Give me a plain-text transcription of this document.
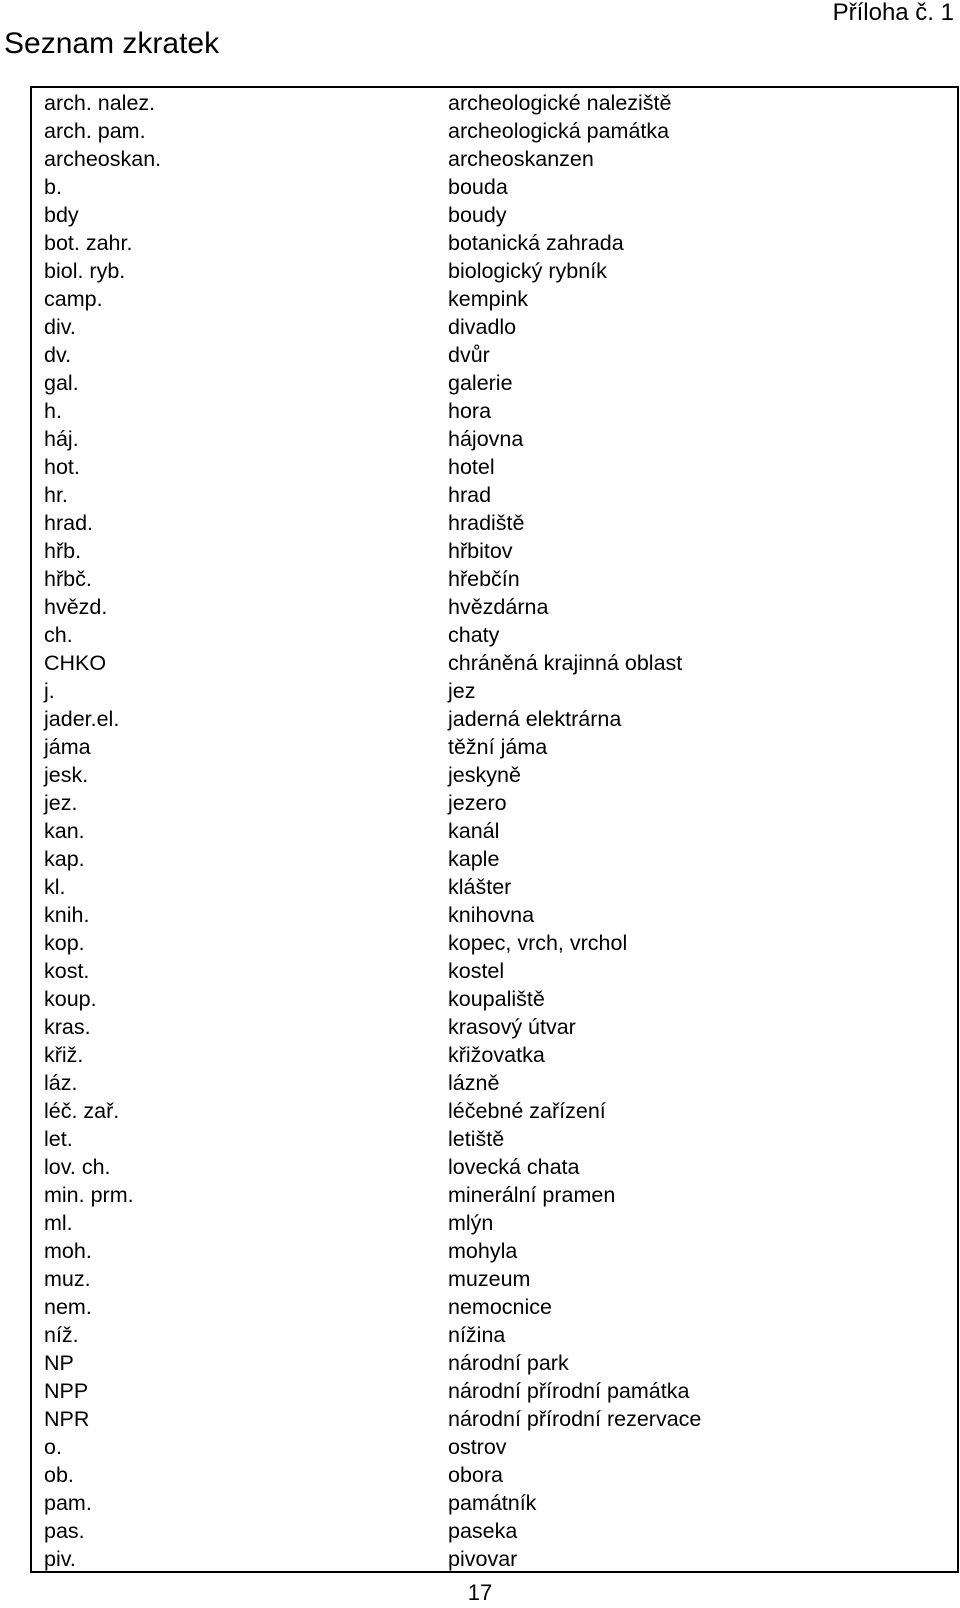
Příloha č. 1
Seznam zkratek
arch. nalez.	archeologické naleziště
arch. pam.	archeologická památka
archeoskan.	archeoskanzen
b.	bouda
bdy	boudy
bot. zahr.	botanická zahrada
biol. ryb.	biologický rybník
camp.	kempink
div.	divadlo
dv.	dvůr
gal.	galerie
h.	hora
háj.	hájovna
hot.	hotel
hr.	hrad
hrad.	hradiště
hřb.	hřbitov
hřbč.	hřebčín
hvězd.	hvězdárna
ch.	chaty
CHKO	chráněná krajinná oblast
j.	jez
jader.el.	jaderná elektrárna
jáma	těžní jáma
jesk.	jeskyně
jez.	jezero
kan.	kanál
kap.	kaple
kl.	klášter
knih.	knihovna
kop.	kopec, vrch, vrchol
kost.	kostel
koup.	koupaliště
kras.	krasový útvar
křiž.	křižovatka
láz.	lázně
léč. zař.	léčebné zařízení
let.	letiště
lov. ch.	lovecká chata
min. prm.	minerální pramen
ml.	mlýn
moh.	mohyla
muz.	muzeum
nem.	nemocnice
níž.	nížina
NP	národní park
NPP	národní přírodní památka
NPR	národní přírodní rezervace
o.	ostrov
ob.	obora
pam.	památník
pas.	paseka
piv.	pivovar
17
